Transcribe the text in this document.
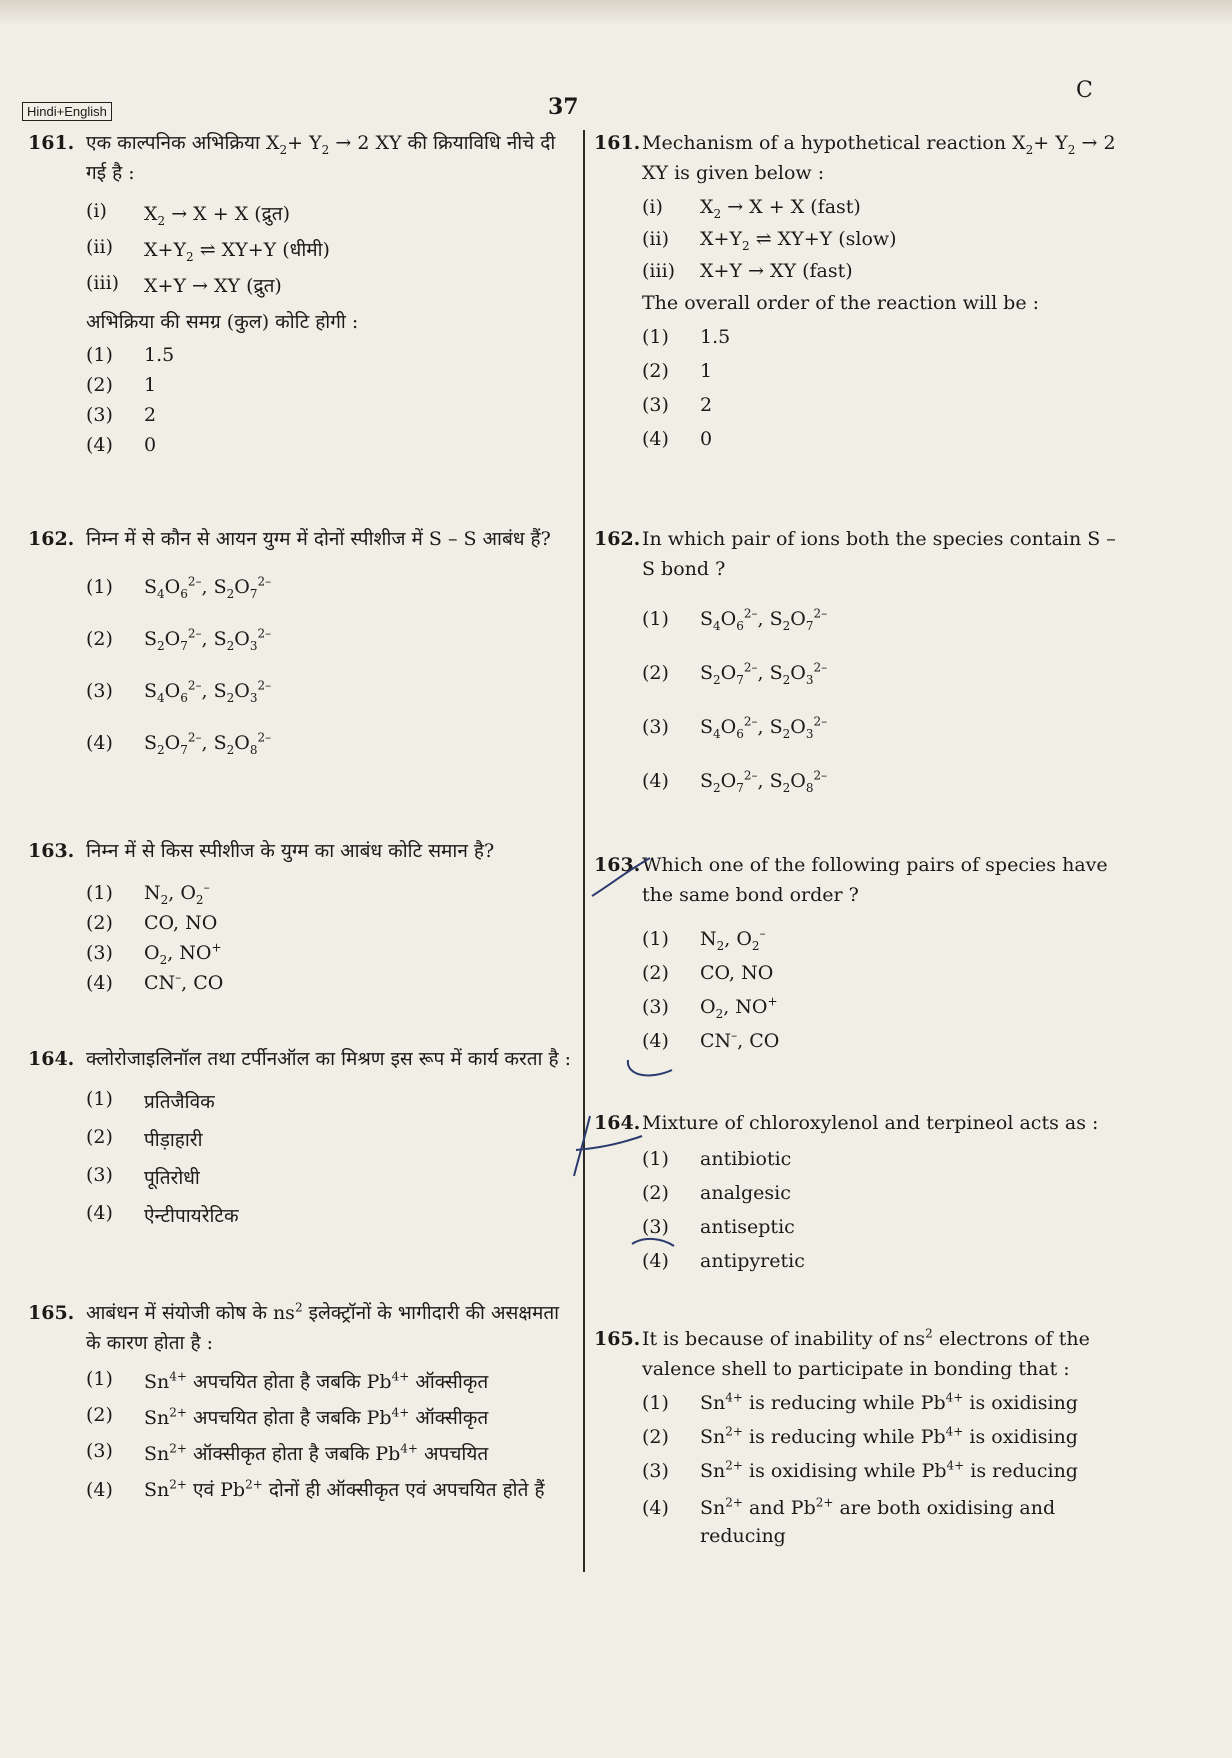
Hindi+English	37
C
161. एक काल्पनिक अभिक्रिया $X_2+ Y_2 \to 2$ XY की क्रियाविधि नीचे दी गई है :
(i)	$X_2 \to X + X$ (द्रुत)
(ii)	$X+Y_2$ ⇌ XY+Y (धीमी)
(iii)	X+Y → XY (द्रुत)
अभिक्रिया की समग्र (कुल) कोटि होगी :
(1)	1.5
(2)	1
(3)	2
(4)	0
162. निम्न में से कौन से आयन युग्म में दोनों स्पीशीज में S – S आबंध हैं?
(1)	$S_4O_6^{2-}$, $S_2O_7^{2-}$
(2)	$S_2O_7^{2-}$, $S_2O_3^{2-}$
(3)	$S_4O_6^{2-}$, $S_2O_3^{2-}$
(4)	$S_2O_7^{2-}$, $S_2O_8^{2-}$
163. निम्न में से किस स्पीशीज के युग्म का आबंध कोटि समान है?
(1)	$N_2$, $O_2^-$
(2)	CO, NO
(3)	$O_2$, NO+
(4)	CN–, CO
164. क्लोरोजाइलिनॉल तथा टर्पीनऑल का मिश्रण इस रूप में कार्य करता है :
(1)	प्रतिजैविक
(2)	पीड़ाहारी
(3)	पूतिरोधी
(4)	ऐन्टीपायरेटिक
165. आबंधन में संयोजी कोष के $ns^2$ इलेक्ट्रॉनों के भागीदारी की असक्षमता के कारण होता है :
(1)	$Sn^{4+}$ अपचयित होता है जबकि $Pb^{4+}$ ऑक्सीकृत
(2)	$Sn^{2+}$ अपचयित होता है जबकि $Pb^{4+}$ ऑक्सीकृत
(3)	$Sn^{2+}$ ऑक्सीकृत होता है जबकि $Pb^{4+}$ अपचयित
(4)	$Sn^{2+}$ एवं $Pb^{2+}$ दोनों ही ऑक्सीकृत एवं अपचयित होते हैं
161. Mechanism of a hypothetical reaction $X_2+ Y_2 \to 2$ XY is given below :
(i)	$X_2 \to X + X$ (fast)
(ii)	$X+Y_2$ ⇌ XY+Y (slow)
(iii)	X+Y → XY (fast)
The overall order of the reaction will be :
(1)	1.5
(2)	1
(3)	2
(4)	0
162. In which pair of ions both the species contain S – S bond ?
(1)	$S_4O_6^{2-}$, $S_2O_7^{2-}$
(2)	$S_2O_7^{2-}$, $S_2O_3^{2-}$
(3)	$S_4O_6^{2-}$, $S_2O_3^{2-}$
(4)	$S_2O_7^{2-}$, $S_2O_8^{2-}$
163. Which one of the following pairs of species have the same bond order ?
(1)	$N_2$, $O_2^-$
(2)	CO, NO
(3)	$O_2$, NO+
(4)	CN–, CO
164. Mixture of chloroxylenol and terpineol acts as :
(1)	antibiotic
(2)	analgesic
(3)	antiseptic
(4)	antipyretic
165. It is because of inability of $ns^2$ electrons of the valence shell to participate in bonding that :
(1)	$Sn^{4+}$ is reducing while $Pb^{4+}$ is oxidising
(2)	$Sn^{2+}$ is reducing while $Pb^{4+}$ is oxidising
(3)	$Sn^{2+}$ is oxidising while $Pb^{4+}$ is reducing
(4)	$Sn^{2+}$ and $Pb^{2+}$ are both oxidising and reducing
